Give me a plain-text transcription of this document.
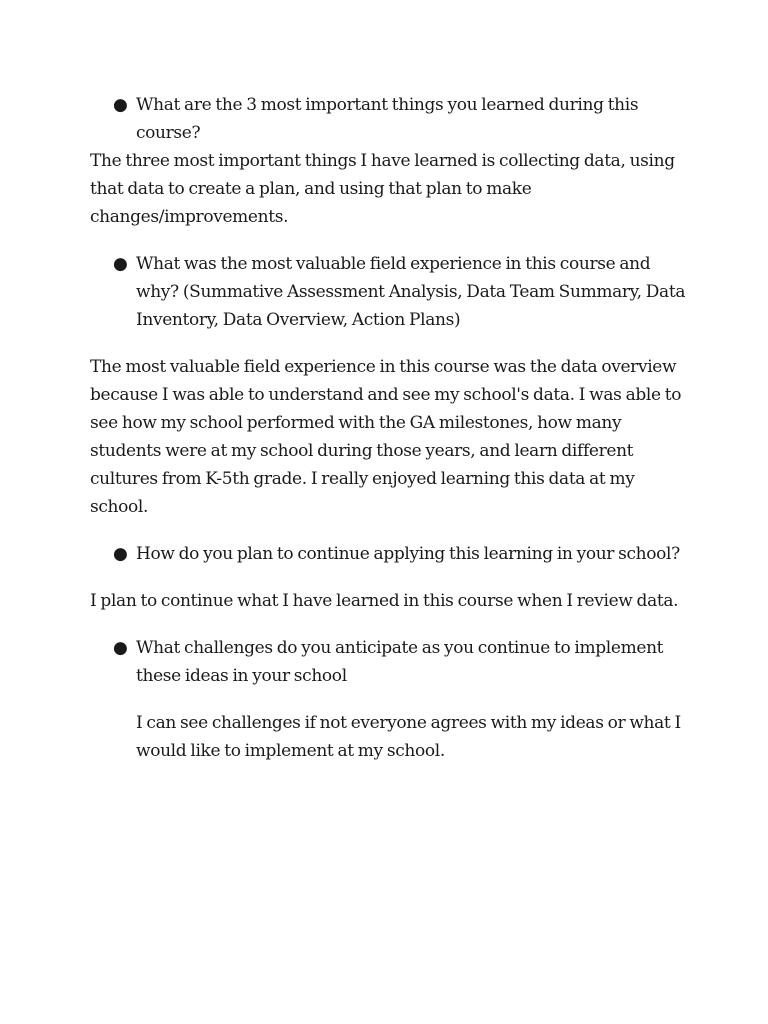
● What are the 3 most important things you learned during this course?

The three most important things I have learned is collecting data, using that data to create a plan, and using that plan to make changes/improvements.

● What was the most valuable field experience in this course and why? (Summative Assessment Analysis, Data Team Summary, Data Inventory, Data Overview, Action Plans)

The most valuable field experience in this course was the data overview because I was able to understand and see my school's data. I was able to see how my school performed with the GA milestones, how many students were at my school during those years, and learn different cultures from K-5th grade. I really enjoyed learning this data at my school.

● How do you plan to continue applying this learning in your school?

I plan to continue what I have learned in this course when I review data.

● What challenges do you anticipate as you continue to implement these ideas in your school

I can see challenges if not everyone agrees with my ideas or what I would like to implement at my school.
